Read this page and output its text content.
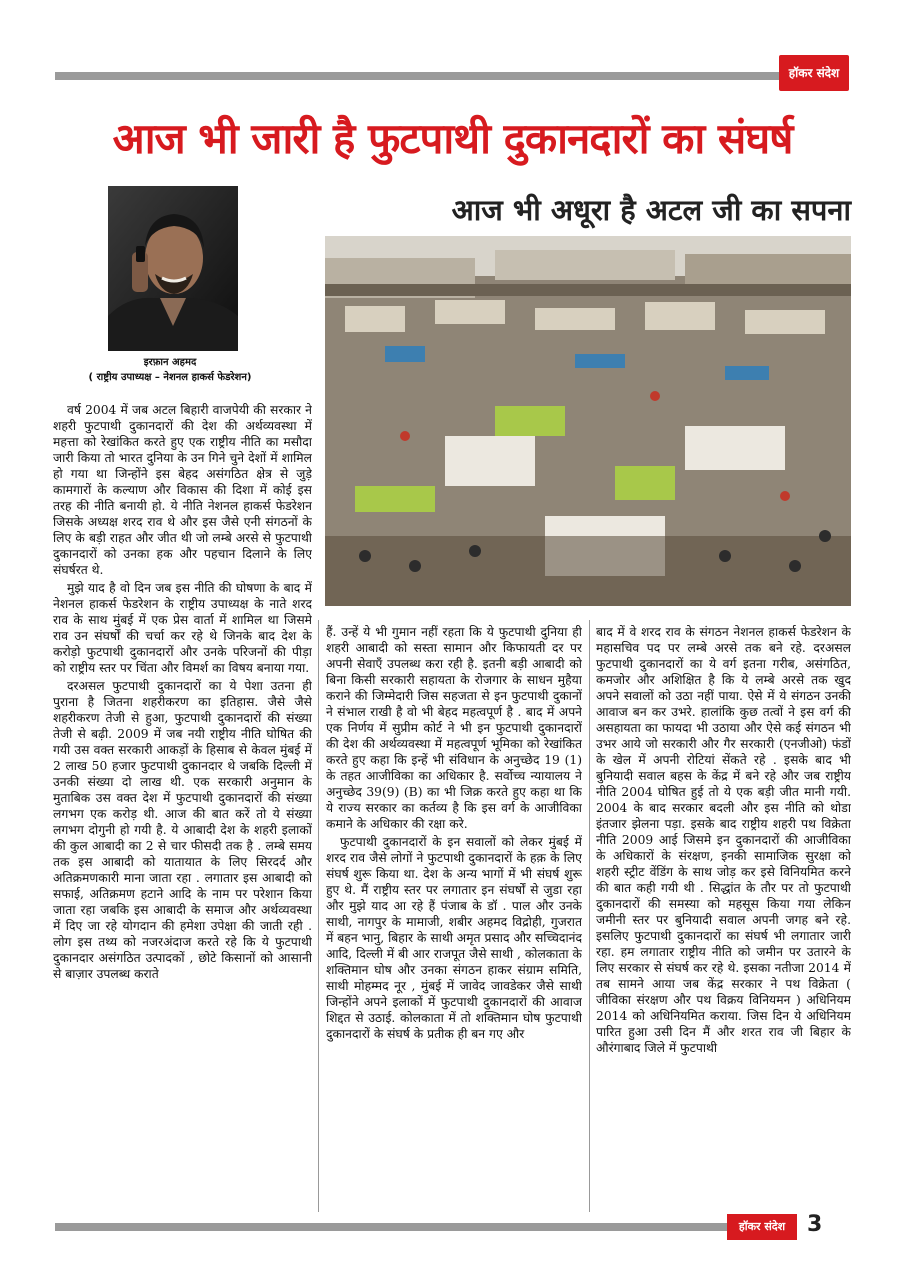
हॉकर संदेश
आज भी जारी है फुटपाथी दुकानदारों का संघर्ष
आज भी अधूरा है अटल जी का सपना
इरफ़ान अहमद
( राष्ट्रीय उपाध्यक्ष – नेशनल हाकर्स फेडरेशन)

वर्ष 2004 में जब अटल बिहारी वाजपेयी की सरकार ने शहरी फुटपाथी दुकानदारों की देश की अर्थव्यवस्था में महत्ता को रेखांकित करते हुए एक राष्ट्रीय नीति का मसौदा जारी किया तो भारत दुनिया के उन गिने चुने देशों में शामिल हो गया था जिन्होंने इस बेहद असंगठित क्षेत्र से जुड़े कामगारों के कल्याण और विकास की दिशा में कोई इस तरह की नीति बनायी हो. ये नीति नेशनल हाकर्स फेडरेशन जिसके अध्यक्ष शरद राव थे और इस जैसे एनी संगठनों के लिए के बड़ी राहत और जीत थी जो लम्बे अरसे से फुटपाथी दुकानदारों को उनका हक और पहचान दिलाने के लिए संघर्षरत थे.

मुझे याद है वो दिन जब इस नीति की घोषणा के बाद में नेशनल हाकर्स फेडरेशन के राष्ट्रीय उपाध्यक्ष के नाते शरद राव के साथ मुंबई में एक प्रेस वार्ता में शामिल था जिसमे राव उन संघर्षों की चर्चा कर रहे थे जिनके बाद देश के करोड़ो फुटपाथी दुकानदारों और उनके परिजनों की पीड़ा को राष्ट्रीय स्तर पर चिंता और विमर्श का विषय बनाया गया.

दरअसल फुटपाथी दुकानदारों का ये पेशा उतना ही पुराना है जितना शहरीकरण का इतिहास. जैसे जैसे शहरीकरण तेजी से हुआ, फुटपाथी दुकानदारों की संख्या तेजी से बढ़ी. 2009 में जब नयी राष्ट्रीय नीति घोषित की गयी उस वक्त सरकारी आकड़ों के हिसाब से केवल मुंबई में 2 लाख 50 हजार फुटपाथी दुकानदार थे जबकि दिल्ली में उनकी संख्या दो लाख थी. एक सरकारी अनुमान के मुताबिक उस वक्त देश में फुटपाथी दुकानदारों की संख्या लगभग एक करोड़ थी. आज की बात करें तो ये संख्या लगभग दोगुनी हो गयी है. ये आबादी देश के शहरी इलाकों की कुल आबादी का 2 से चार फीसदी तक है . लम्बे समय तक इस आबादी को यातायात के लिए सिरदर्द और अतिक्रमणकारी माना जाता रहा . लगातार इस आबादी को सफाई, अतिक्रमण हटाने आदि के नाम पर परेशान किया जाता रहा जबकि इस आबादी के समाज और अर्थव्यवस्था में दिए जा रहे योगदान की हमेशा उपेक्षा की जाती रही . लोग इस तथ्य को नजरअंदाज करते रहे कि ये फुटपाथी दुकानदार असंगठित उत्पादकों , छोटे किसानों को आसानी से बाज़ार उपलब्ध कराते

हैं. उन्हें ये भी गुमान नहीं रहता कि ये फुटपाथी दुनिया ही शहरी आबादी को सस्ता सामान और किफायती दर पर अपनी सेवाएँ उपलब्ध करा रही है. इतनी बड़ी आबादी को बिना किसी सरकारी सहायता के रोजगार के साधन मुहैया कराने की जिम्मेदारी जिस सहजता से इन फुटपाथी दुकानों ने संभाल राखी है वो भी बेहद महत्वपूर्ण है . बाद में अपने एक निर्णय में सुप्रीम कोर्ट ने भी इन फुटपाथी दुकानदारों की देश की अर्थव्यवस्था में महत्वपूर्ण भूमिका को रेखांकित करते हुए कहा कि इन्हें भी संविधान के अनुच्छेद 19 (1) के तहत आजीविका का अधिकार है. सर्वोच्च न्यायालय ने अनुच्छेद 39(9) (B) का भी जिक्र करते हुए कहा था कि ये राज्य सरकार का कर्तव्य है कि इस वर्ग के आजीविका कमाने के अधिकार की रक्षा करे.

फुटपाथी दुकानदारों के इन सवालों को लेकर मुंबई में शरद राव जैसे लोगों ने फुटपाथी दुकानदारों के हक़ के लिए संघर्ष शुरू किया था. देश के अन्य भागों में भी संघर्ष शुरू हुए थे. मैं राष्ट्रीय स्तर पर लगातार इन संघर्षों से जुडा रहा और मुझे याद आ रहे हैं पंजाब के डॉ . पाल और उनके साथी, नागपुर के मामाजी, शबीर अहमद विद्रोही, गुजरात में बहन भानु, बिहार के साथी अमृत प्रसाद और सच्चिदानंद आदि, दिल्ली में बी आर राजपूत जैसे साथी , कोलकाता के शक्तिमान घोष और उनका संगठन हाकर संग्राम समिति, साथी मोहम्मद नूर , मुंबई में जावेद जावडेकर जैसे साथी जिन्होंने अपने इलाकों में फुटपाथी दुकानदारों की आवाज शिद्दत से उठाई. कोलकाता में तो शक्तिमान घोष फुटपाथी दुकानदारों के संघर्ष के प्रतीक ही बन गए और

बाद में वे शरद राव के संगठन नेशनल हाकर्स फेडरेशन के महासचिव पद पर लम्बे अरसे तक बने रहे. दरअसल फुटपाथी दुकानदारों का ये वर्ग इतना गरीब, असंगठित, कमजोर और अशिक्षित है कि ये लम्बे अरसे तक खुद अपने सवालों को उठा नहीं पाया. ऐसे में ये संगठन उनकी आवाज बन कर उभरे. हालांकि कुछ तत्वों ने इस वर्ग की असहायता का फायदा भी उठाया और ऐसे कई संगठन भी उभर आये जो सरकारी और गैर सरकारी (एनजीओ) फंडों के खेल में अपनी रोटियां सेंकते रहे . इसके बाद भी बुनियादी सवाल बहस के केंद्र में बने रहे और जब राष्ट्रीय नीति 2004 घोषित हुई तो ये एक बड़ी जीत मानी गयी. 2004 के बाद सरकार बदली और इस नीति को थोडा इंतजार झेलना पड़ा. इसके बाद राष्ट्रीय शहरी पथ विक्रेता नीति 2009 आई जिसमे इन दुकानदारों की आजीविका के अधिकारों के संरक्षण, इनकी सामाजिक सुरक्षा को शहरी स्ट्रीट वेंडिंग के साथ जोड़ कर इसे विनियमित करने की बात कही गयी थी . सिद्धांत के तौर पर तो फुटपाथी दुकानदारों की समस्या को महसूस किया गया लेकिन जमीनी स्तर पर बुनियादी सवाल अपनी जगह बने रहे. इसलिए फुटपाथी दुकानदारों का संघर्ष भी लगातार जारी रहा. हम लगातार राष्ट्रीय नीति को जमीन पर उतारने के लिए सरकार से संघर्ष कर रहे थे. इसका नतीजा 2014 में तब सामने आया जब केंद्र सरकार ने पथ विक्रेता ( जीविका संरक्षण और पथ विक्रय विनियमन ) अधिनियम 2014 को अधिनियमित कराया. जिस दिन ये अधिनियम पारित हुआ उसी दिन मैं और शरत राव जी बिहार के औरंगाबाद जिले में फुटपाथी

हॉकर संदेश 3
